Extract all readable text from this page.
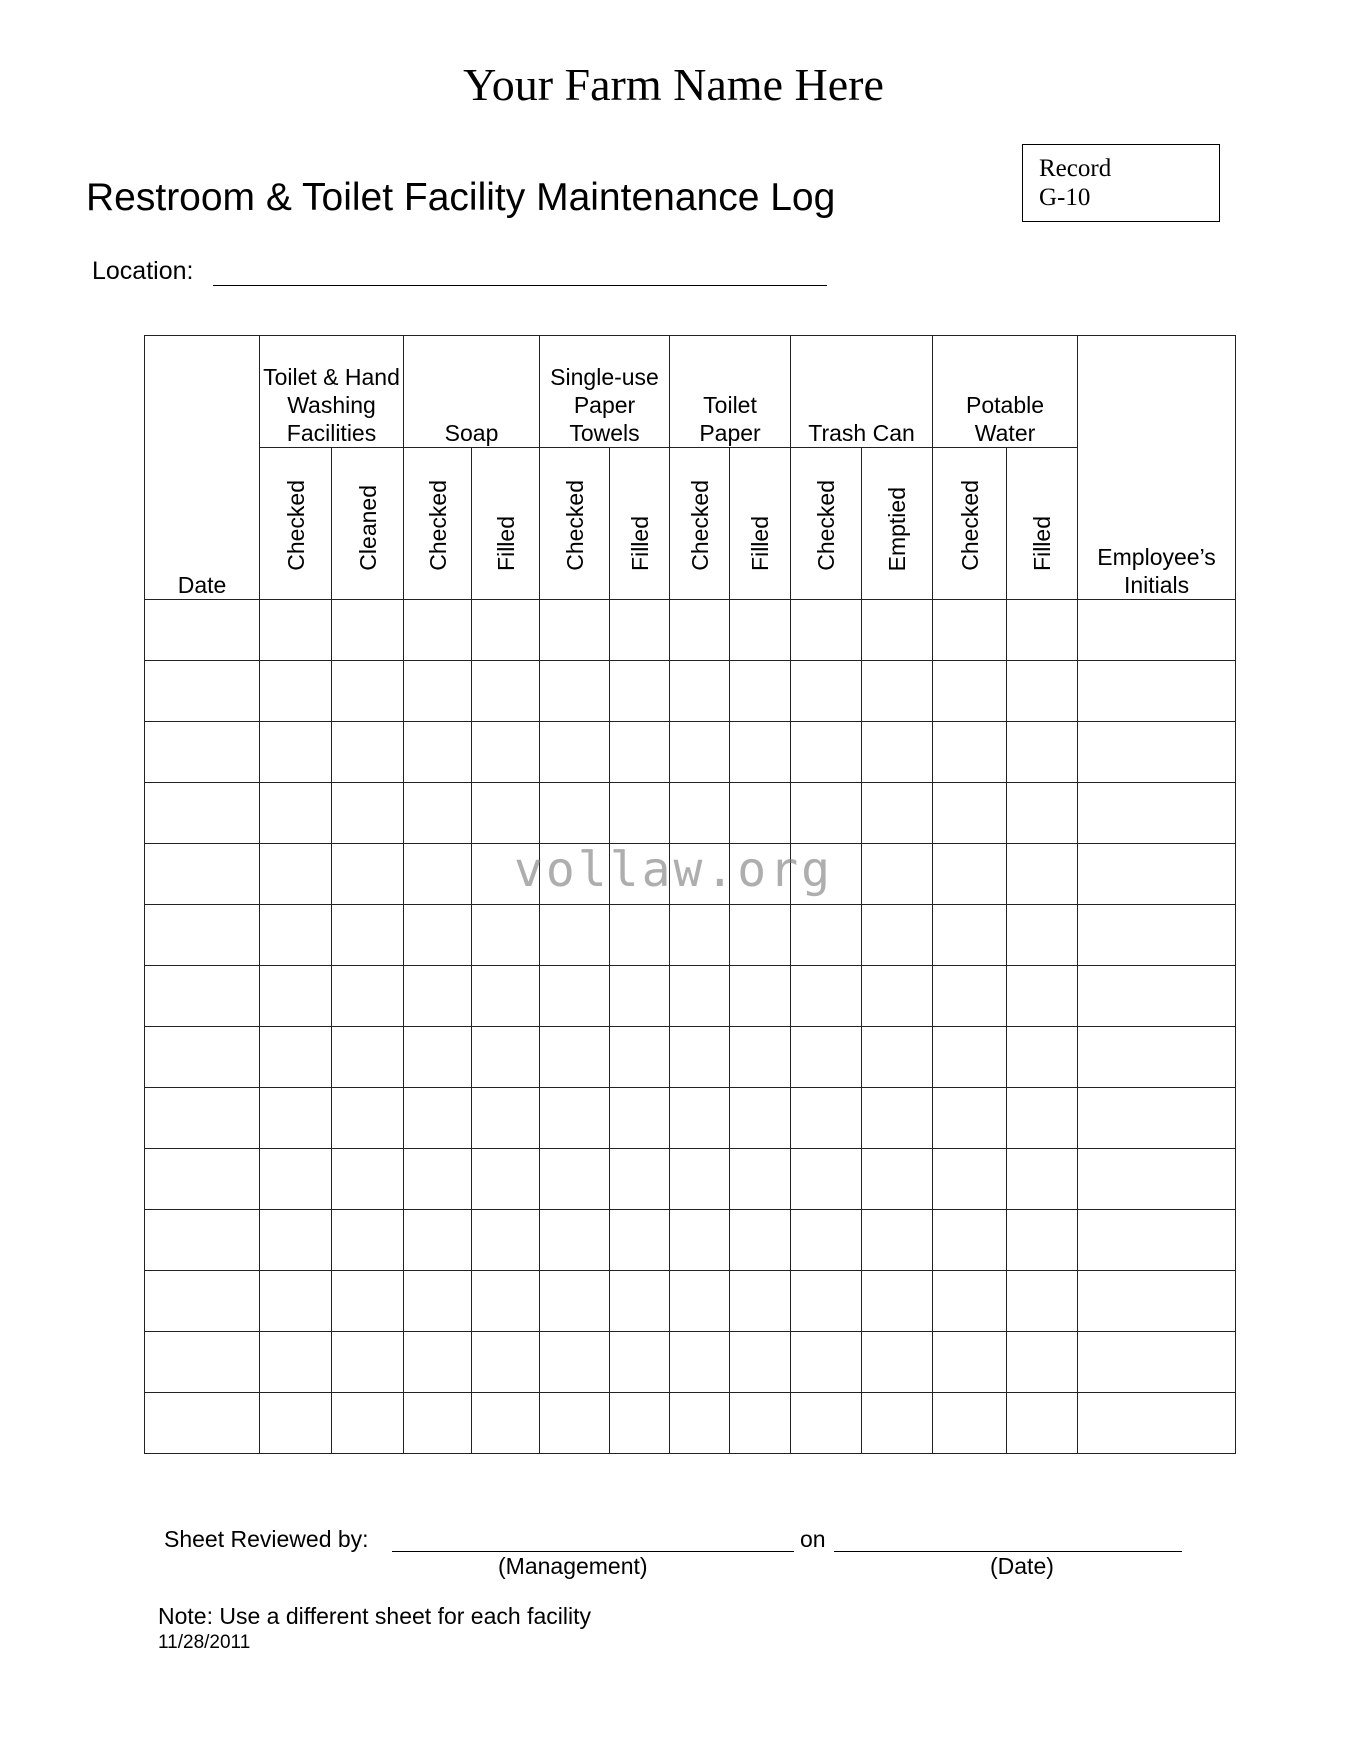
Your Farm Name Here
Restroom & Toilet Facility Maintenance Log
Record
G-10
Location:
Date	Toilet & Hand Washing Facilities		Soap		Single-use Paper Towels		Toilet Paper		Trash Can		Potable Water		Employee’s Initials

	Checked	Cleaned	Checked	Filled	Checked	Filled	Checked	Filled	Checked	Emptied	Checked	Filled	

vollaw.org
Sheet Reviewed by:	on
(Management)	(Date)
Note: Use a different sheet for each facility
11/28/2011
